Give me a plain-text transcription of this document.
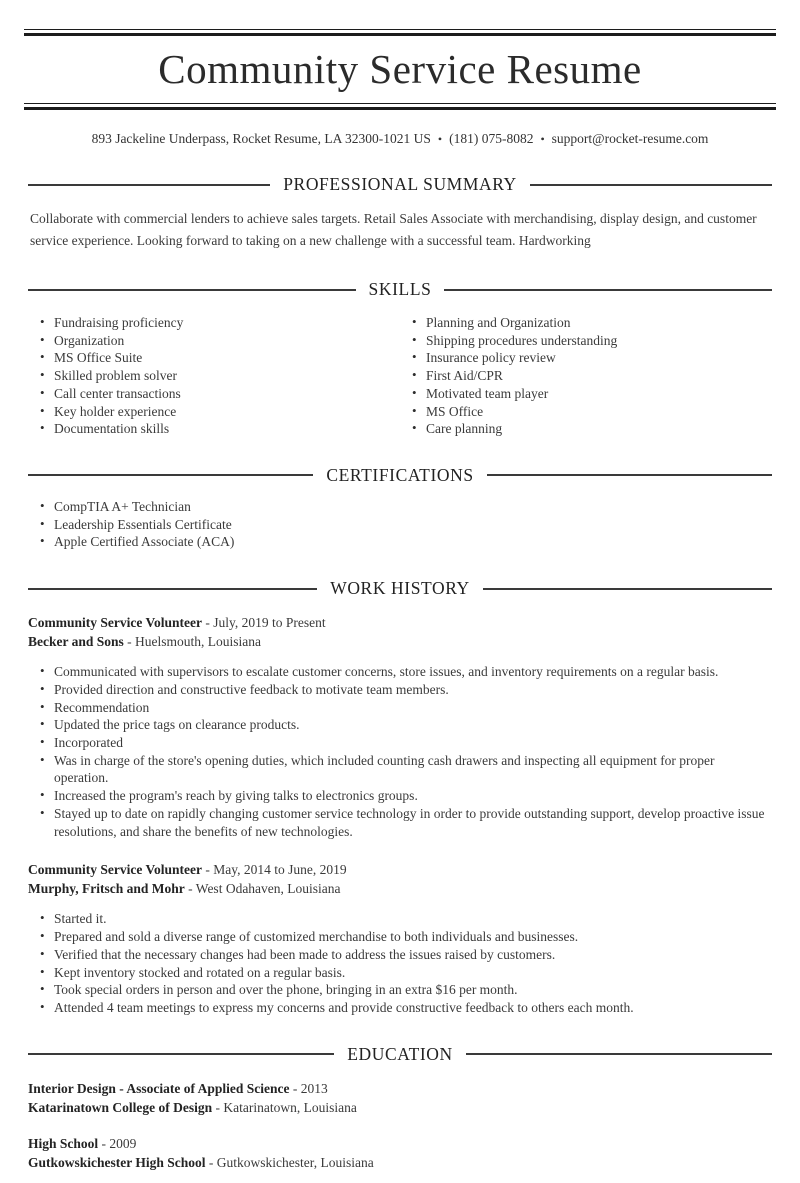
Community Service Resume
893 Jackeline Underpass, Rocket Resume, LA 32300-1021 US • (181) 075-8082 • support@rocket-resume.com
PROFESSIONAL SUMMARY

Collaborate with commercial lenders to achieve sales targets. Retail Sales Associate with merchandising, display design, and customer service experience. Looking forward to taking on a new challenge with a successful team. Hardworking

SKILLS
• Fundraising proficiency
• Organization
• MS Office Suite
• Skilled problem solver
• Call center transactions
• Key holder experience
• Documentation skills
• Planning and Organization
• Shipping procedures understanding
• Insurance policy review
• First Aid/CPR
• Motivated team player
• MS Office
• Care planning
CERTIFICATIONS
• CompTIA A+ Technician
• Leadership Essentials Certificate
• Apple Certified Associate (ACA)
WORK HISTORY
Community Service Volunteer - July, 2019 to Present
Becker and Sons - Huelsmouth, Louisiana
• Communicated with supervisors to escalate customer concerns, store issues, and inventory requirements on a regular basis.
• Provided direction and constructive feedback to motivate team members.
• Recommendation
• Updated the price tags on clearance products.
• Incorporated
• Was in charge of the store's opening duties, which included counting cash drawers and inspecting all equipment for proper operation.
• Increased the program's reach by giving talks to electronics groups.
• Stayed up to date on rapidly changing customer service technology in order to provide outstanding support, develop proactive issue resolutions, and share the benefits of new technologies.
Community Service Volunteer - May, 2014 to June, 2019
Murphy, Fritsch and Mohr - West Odahaven, Louisiana
• Started it.
• Prepared and sold a diverse range of customized merchandise to both individuals and businesses.
• Verified that the necessary changes had been made to address the issues raised by customers.
• Kept inventory stocked and rotated on a regular basis.
• Took special orders in person and over the phone, bringing in an extra $16 per month.
• Attended 4 team meetings to express my concerns and provide constructive feedback to others each month.
EDUCATION
Interior Design - Associate of Applied Science - 2013
Katarinatown College of Design - Katarinatown, Louisiana
High School - 2009
Gutkowskichester High School - Gutkowskichester, Louisiana
